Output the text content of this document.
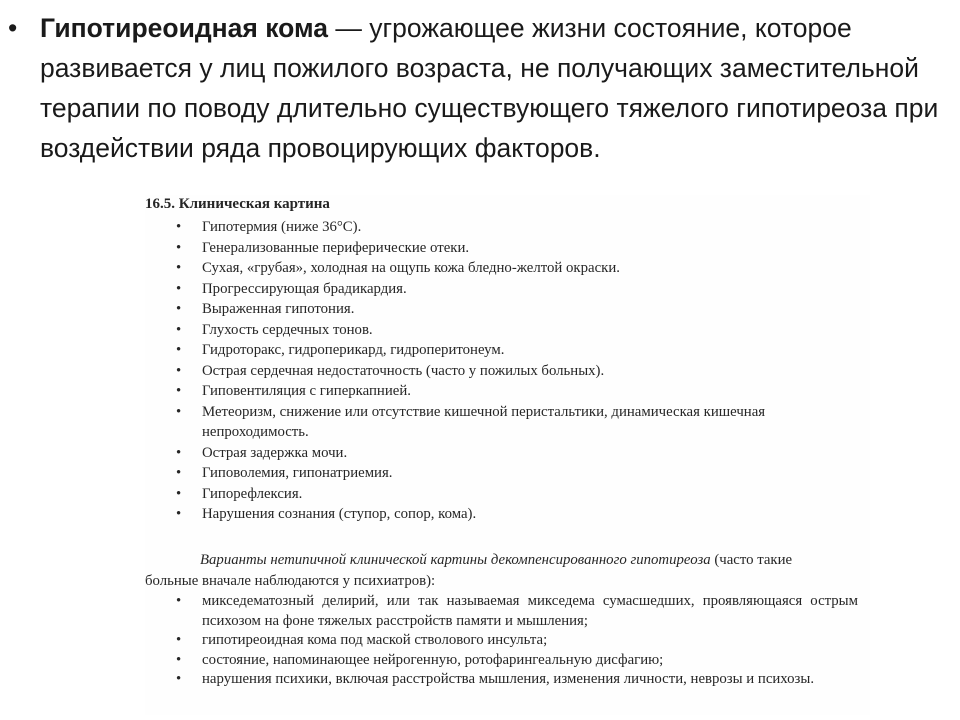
• Гипотиреоидная кома — угрожающее жизни состояние, которое развивается у лиц пожилого возраста, не получающих заместительной терапии по поводу длительно существующего тяжелого гипотиреоза при воздействии ряда провоцирующих факторов.
16.5. Клиническая картина
• Гипотермия (ниже 36°С).
• Генерализованные периферические отеки.
• Сухая, «грубая», холодная на ощупь кожа бледно-желтой окраски.
• Прогрессирующая брадикардия.
• Выраженная гипотония.
• Глухость сердечных тонов.
• Гидроторакс, гидроперикард, гидроперитонеум.
• Острая сердечная недостаточность (часто у пожилых больных).
• Гиповентиляция с гиперкапнией.
• Метеоризм, снижение или отсутствие кишечной перистальтики, динамическая кишечная непроходимость.
• Острая задержка мочи.
• Гиповолемия, гипонатриемия.
• Гипорефлексия.
• Нарушения сознания (ступор, сопор, кома).
Варианты нетипичной клинической картины декомпенсированного гипотиреоза (часто такие больные вначале наблюдаются у психиатров):
• микседематозный делирий, или так называемая микседема сумасшедших, проявляющаяся острым психозом на фоне тяжелых расстройств памяти и мышления;
• гипотиреоидная кома под маской стволового инсульта;
• состояние, напоминающее нейрогенную, ротофарингеальную дисфагию;
• нарушения психики, включая расстройства мышления, изменения личности, неврозы и психозы.
